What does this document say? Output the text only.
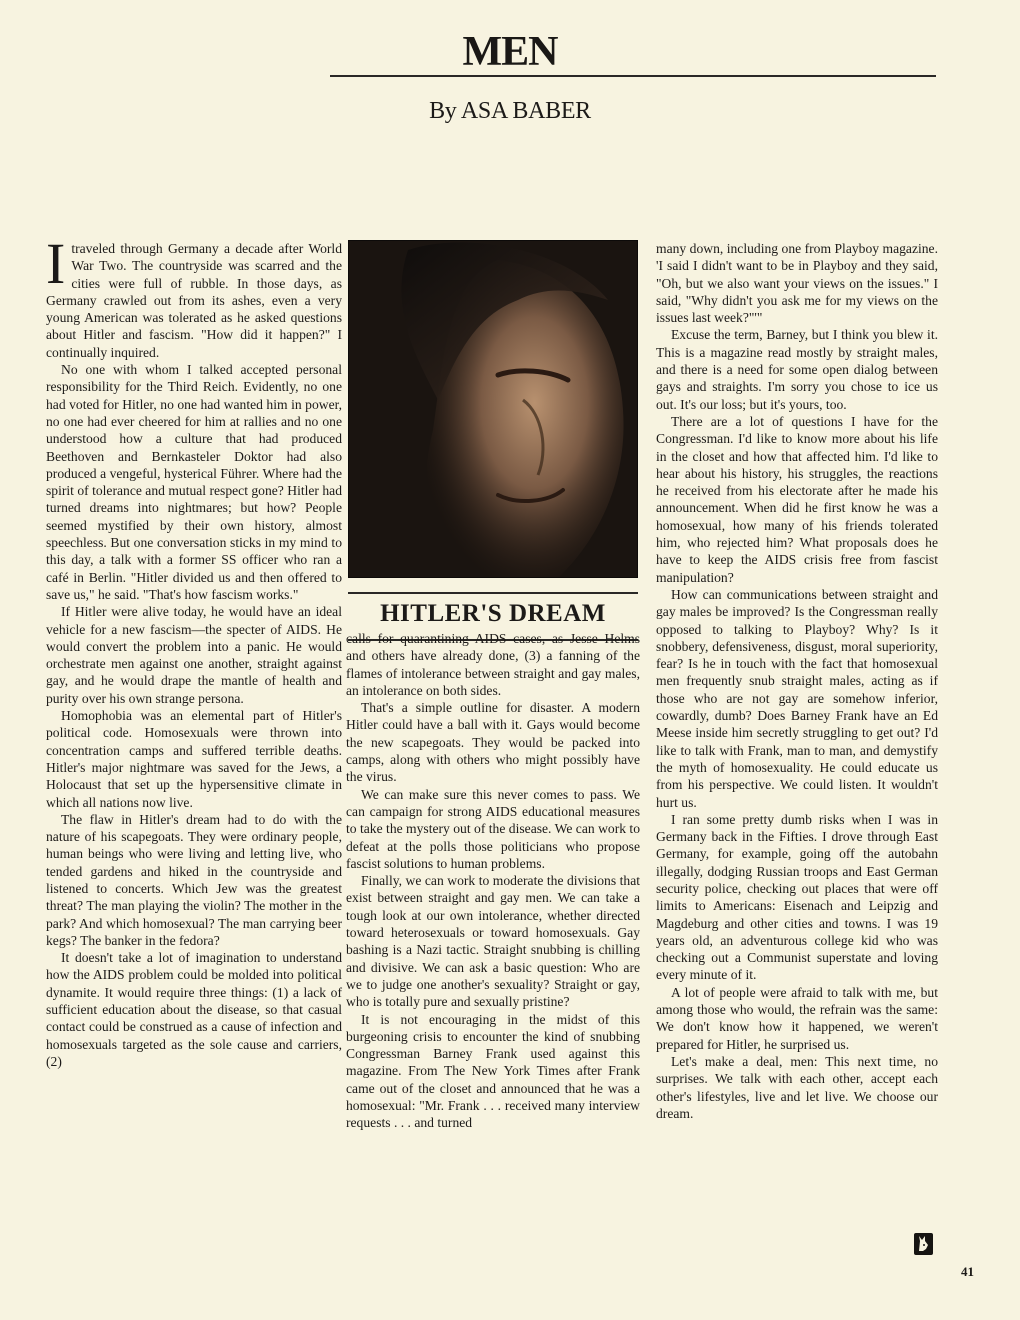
MEN
By ASA BABER

I traveled through Germany a decade after World War Two. The countryside was scarred and the cities were full of rubble. In those days, as Germany crawled out from its ashes, even a very young American was tolerated as he asked questions about Hitler and fascism. "How did it happen?" I continually inquired.

No one with whom I talked accepted personal responsibility for the Third Reich. Evidently, no one had voted for Hitler, no one had wanted him in power, no one had ever cheered for him at rallies and no one understood how a culture that had produced Beethoven and Bernkasteler Doktor had also produced a vengeful, hysterical Führer. Where had the spirit of tolerance and mutual respect gone? Hitler had turned dreams into nightmares; but how? People seemed mystified by their own history, almost speechless. But one conversation sticks in my mind to this day, a talk with a former SS officer who ran a café in Berlin. "Hitler divided us and then offered to save us," he said. "That's how fascism works."

If Hitler were alive today, he would have an ideal vehicle for a new fascism—the specter of AIDS. He would convert the problem into a panic. He would orchestrate men against one another, straight against gay, and he would drape the mantle of health and purity over his own strange persona.

Homophobia was an elemental part of Hitler's political code. Homosexuals were thrown into concentration camps and suffered terrible deaths. Hitler's major nightmare was saved for the Jews, a Holocaust that set up the hypersensitive climate in which all nations now live.

The flaw in Hitler's dream had to do with the nature of his scapegoats. They were ordinary people, human beings who were living and letting live, who tended gardens and hiked in the countryside and listened to concerts. Which Jew was the greatest threat? The man playing the violin? The mother in the park? And which homosexual? The man carrying beer kegs? The banker in the fedora?

It doesn't take a lot of imagination to understand how the AIDS problem could be molded into political dynamite. It would require three things: (1) a lack of sufficient education about the disease, so that casual contact could be construed as a cause of infection and homosexuals targeted as the sole cause and carriers, (2)

HITLER'S DREAM

calls for quarantining AIDS cases, as Jesse Helms and others have already done, (3) a fanning of the flames of intolerance between straight and gay males, an intolerance on both sides.

That's a simple outline for disaster. A modern Hitler could have a ball with it. Gays would become the new scapegoats. They would be packed into camps, along with others who might possibly have the virus.

We can make sure this never comes to pass. We can campaign for strong AIDS educational measures to take the mystery out of the disease. We can work to defeat at the polls those politicians who propose fascist solutions to human problems.

Finally, we can work to moderate the divisions that exist between straight and gay men. We can take a tough look at our own intolerance, whether directed toward heterosexuals or toward homosexuals. Gay bashing is a Nazi tactic. Straight snubbing is chilling and divisive. We can ask a basic question: Who are we to judge one another's sexuality? Straight or gay, who is totally pure and sexually pristine?

It is not encouraging in the midst of this burgeoning crisis to encounter the kind of snubbing Congressman Barney Frank used against this magazine. From The New York Times after Frank came out of the closet and announced that he was a homosexual: "Mr. Frank . . . received many interview requests . . . and turned

many down, including one from Playboy magazine. 'I said I didn't want to be in Playboy and they said, "Oh, but we also want your views on the issues." I said, "Why didn't you ask me for my views on the issues last week?"'"

Excuse the term, Barney, but I think you blew it. This is a magazine read mostly by straight males, and there is a need for some open dialog between gays and straights. I'm sorry you chose to ice us out. It's our loss; but it's yours, too.

There are a lot of questions I have for the Congressman. I'd like to know more about his life in the closet and how that affected him. I'd like to hear about his history, his struggles, the reactions he received from his electorate after he made his announcement. When did he first know he was a homosexual, how many of his friends tolerated him, who rejected him? What proposals does he have to keep the AIDS crisis free from fascist manipulation?

How can communications between straight and gay males be improved? Is the Congressman really opposed to talking to Playboy? Why? Is it snobbery, defensiveness, disgust, moral superiority, fear? Is he in touch with the fact that homosexual men frequently snub straight males, acting as if those who are not gay are somehow inferior, cowardly, dumb? Does Barney Frank have an Ed Meese inside him secretly struggling to get out? I'd like to talk with Frank, man to man, and demystify the myth of homosexuality. He could educate us from his perspective. We could listen. It wouldn't hurt us.

I ran some pretty dumb risks when I was in Germany back in the Fifties. I drove through East Germany, for example, going off the autobahn illegally, dodging Russian troops and East German security police, checking out places that were off limits to Americans: Eisenach and Leipzig and Magdeburg and other cities and towns. I was 19 years old, an adventurous college kid who was checking out a Communist superstate and loving every minute of it.

A lot of people were afraid to talk with me, but among those who would, the refrain was the same: We don't know how it happened, we weren't prepared for Hitler, he surprised us.

Let's make a deal, men: This next time, no surprises. We talk with each other, accept each other's lifestyles, live and let live. We choose our dream.

41
